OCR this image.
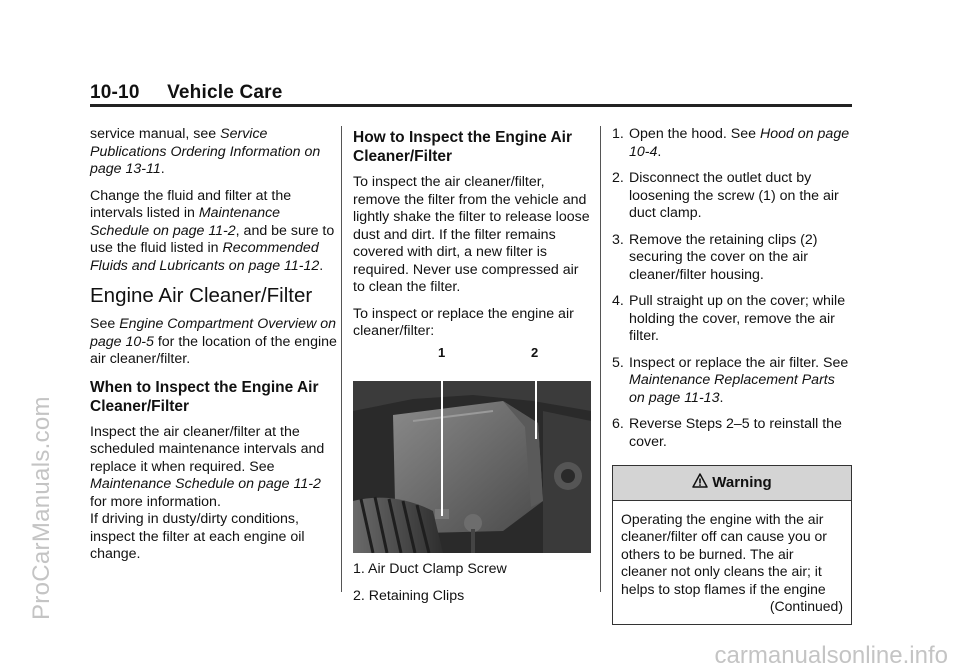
10-10 Vehicle Care

service manual, see Service Publications Ordering Information on page 13-11.

Change the fluid and filter at the intervals listed in Maintenance Schedule on page 11-2, and be sure to use the fluid listed in Recommended Fluids and Lubricants on page 11-12.

Engine Air Cleaner/Filter

See Engine Compartment Overview on page 10-5 for the location of the engine air cleaner/filter.

When to Inspect the Engine Air Cleaner/Filter

Inspect the air cleaner/filter at the scheduled maintenance intervals and replace it when required. See Maintenance Schedule on page 11-2 for more information.

If driving in dusty/dirty conditions, inspect the filter at each engine oil change.

How to Inspect the Engine Air Cleaner/Filter

To inspect the air cleaner/filter, remove the filter from the vehicle and lightly shake the filter to release loose dust and dirt. If the filter remains covered with dirt, a new filter is required. Never use compressed air to clean the filter.

To inspect or replace the engine air cleaner/filter:

1	2
1. Air Duct Clamp Screw
2. Retaining Clips
1. Open the hood. See Hood on page 10-4.
2. Disconnect the outlet duct by loosening the screw (1) on the air duct clamp.
3. Remove the retaining clips (2) securing the cover on the air cleaner/filter housing.
4. Pull straight up on the cover; while holding the cover, remove the air filter.
5. Inspect or replace the air filter. See Maintenance Replacement Parts on page 11-13.
6. Reverse Steps 2–5 to reinstall the cover.
Warning
Operating the engine with the air cleaner/filter off can cause you or others to be burned. The air cleaner not only cleans the air; it helps to stop flames if the engine
(Continued)
ProCarManuals.com
carmanualsonline.info
